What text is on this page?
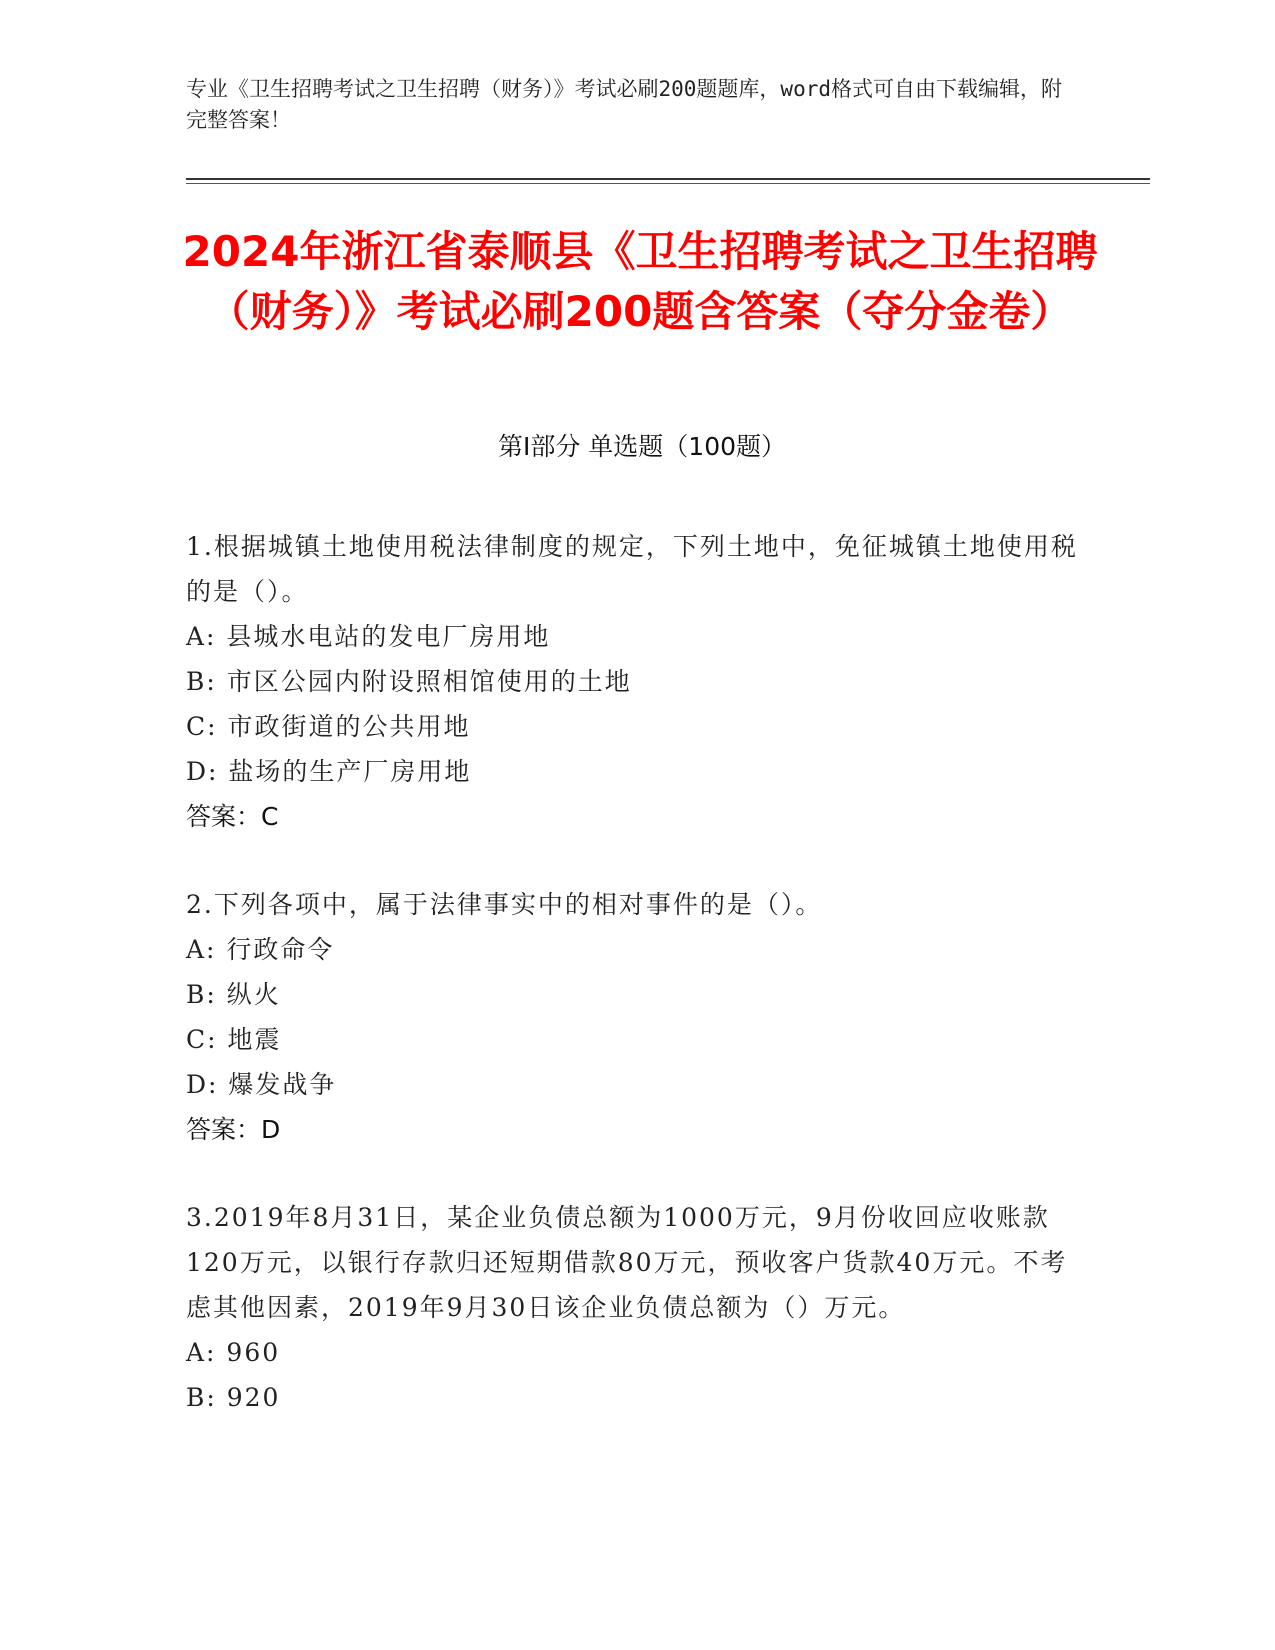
专业《卫生招聘考试之卫生招聘（财务）》考试必刷200题题库，word格式可自由下载编辑，附完整答案！
2024年浙江省泰顺县《卫生招聘考试之卫生招聘（财务）》考试必刷200题含答案（夺分金卷）
第I部分 单选题（100题）

1.根据城镇土地使用税法律制度的规定，下列土地中，免征城镇土地使用税的是（）。

A: 县城水电站的发电厂房用地

B: 市区公园内附设照相馆使用的土地

C: 市政街道的公共用地

D: 盐场的生产厂房用地

答案：C

2.下列各项中，属于法律事实中的相对事件的是（）。

A: 行政命令

B: 纵火

C: 地震

D: 爆发战争

答案：D

3.2019年8月31日，某企业负债总额为1000万元，9月份收回应收账款120万元，以银行存款归还短期借款80万元，预收客户货款40万元。不考虑其他因素，2019年9月30日该企业负债总额为（）万元。

A: 960

B: 920
